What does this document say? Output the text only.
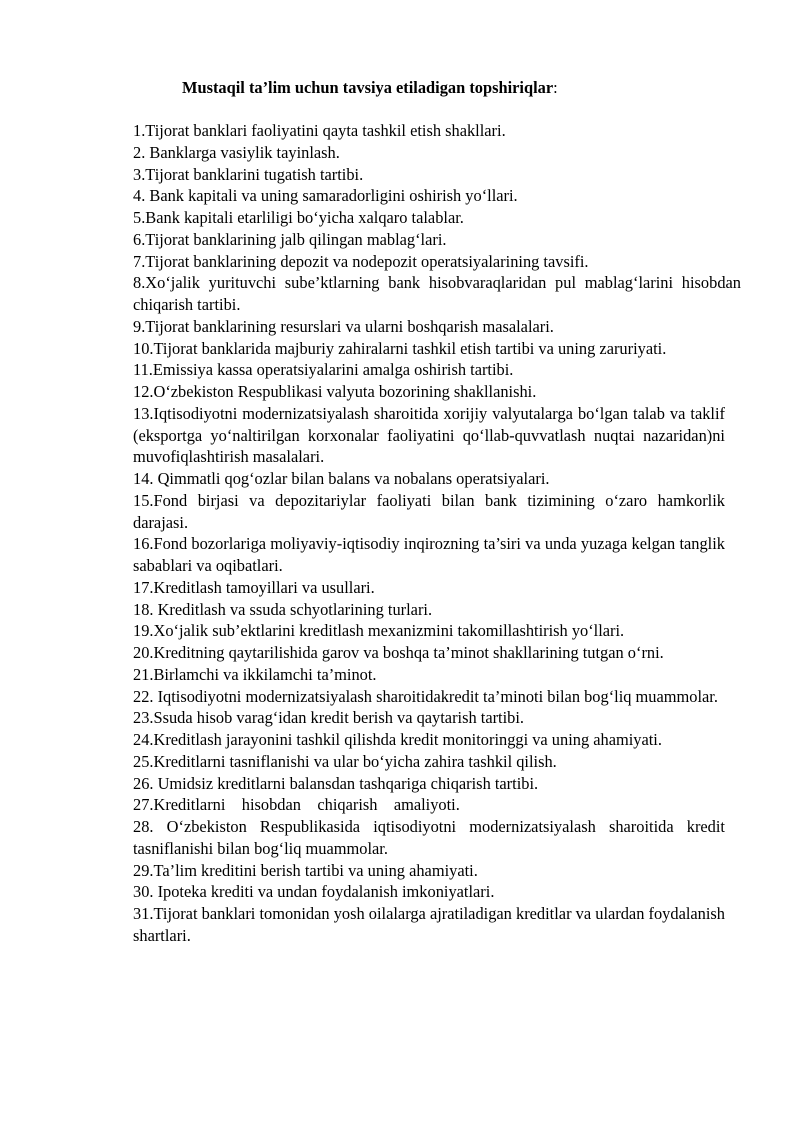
Mustaqil ta’lim uchun tavsiya etiladigan topshiriqlar:

1.Tijorat banklari faoliyatini qayta tashkil etish shakllari.

2. Banklarga vasiylik tayinlash.

3.Tijorat banklarini tugatish tartibi.

4. Bank kapitali va uning samaradorligini oshirish yo‘llari.

5.Bank kapitali etarliligi bo‘yicha xalqaro talablar.

6.Tijorat banklarining jalb qilingan mablag‘lari.

7.Tijorat banklarining depozit va nodepozit operatsiyalarining tavsifi.

8.Xo‘jalik yurituvchi sube’ktlarning bank hisobvaraqlaridan pul mablag‘larini hisobdan chiqarish tartibi.

9.Tijorat banklarining resurslari va ularni boshqarish masalalari.

10.Tijorat banklarida majburiy zahiralarni tashkil etish tartibi va uning zaruriyati.

11.Emissiya kassa operatsiyalarini amalga oshirish tartibi.

12.O‘zbekiston Respublikasi valyuta bozorining shakllanishi.

13.Iqtisodiyotni modernizatsiyalash sharoitida xorijiy valyutalarga bo‘lgan talab va taklif (eksportga yo‘naltirilgan korxonalar faoliyatini qo‘llab-quvvatlash nuqtai nazaridan)ni muvofiqlashtirish masalalari.

14. Qimmatli qog‘ozlar bilan balans va nobalans operatsiyalari.

15.Fond birjasi va depozitariylar faoliyati bilan bank tizimining o‘zaro hamkorlik darajasi.

16.Fond bozorlariga moliyaviy-iqtisodiy inqirozning ta’siri va unda yuzaga kelgan tanglik sabablari va oqibatlari.

17.Kreditlash tamoyillari va usullari.

18. Kreditlash va ssuda schyotlarining turlari.

19.Xo‘jalik sub’ektlarini kreditlash mexanizmini takomillashtirish yo‘llari.

20.Kreditning qaytarilishida garov va boshqa ta’minot shakllarining tutgan o‘rni.

21.Birlamchi va ikkilamchi ta’minot.

22. Iqtisodiyotni modernizatsiyalash sharoitidakredit ta’minoti bilan bog‘liq muammolar.

23.Ssuda hisob varag‘idan kredit berish va qaytarish tartibi.

24.Kreditlash jarayonini tashkil qilishda kredit monitoringgi va uning ahamiyati.

25.Kreditlarni tasniflanishi va ular bo‘yicha zahira tashkil qilish.

26. Umidsiz kreditlarni balansdan tashqariga chiqarish tartibi.

27.Kreditlarni    hisobdan    chiqarish    amaliyoti.

28. O‘zbekiston Respublikasida iqtisodiyotni modernizatsiyalash sharoitida kredit tasniflanishi bilan bog‘liq muammolar.

29.Ta’lim kreditini berish tartibi va uning ahamiyati.

30. Ipoteka krediti va undan foydalanish imkoniyatlari.

31.Tijorat banklari tomonidan yosh oilalarga ajratiladigan kreditlar va ulardan foydalanish shartlari.
